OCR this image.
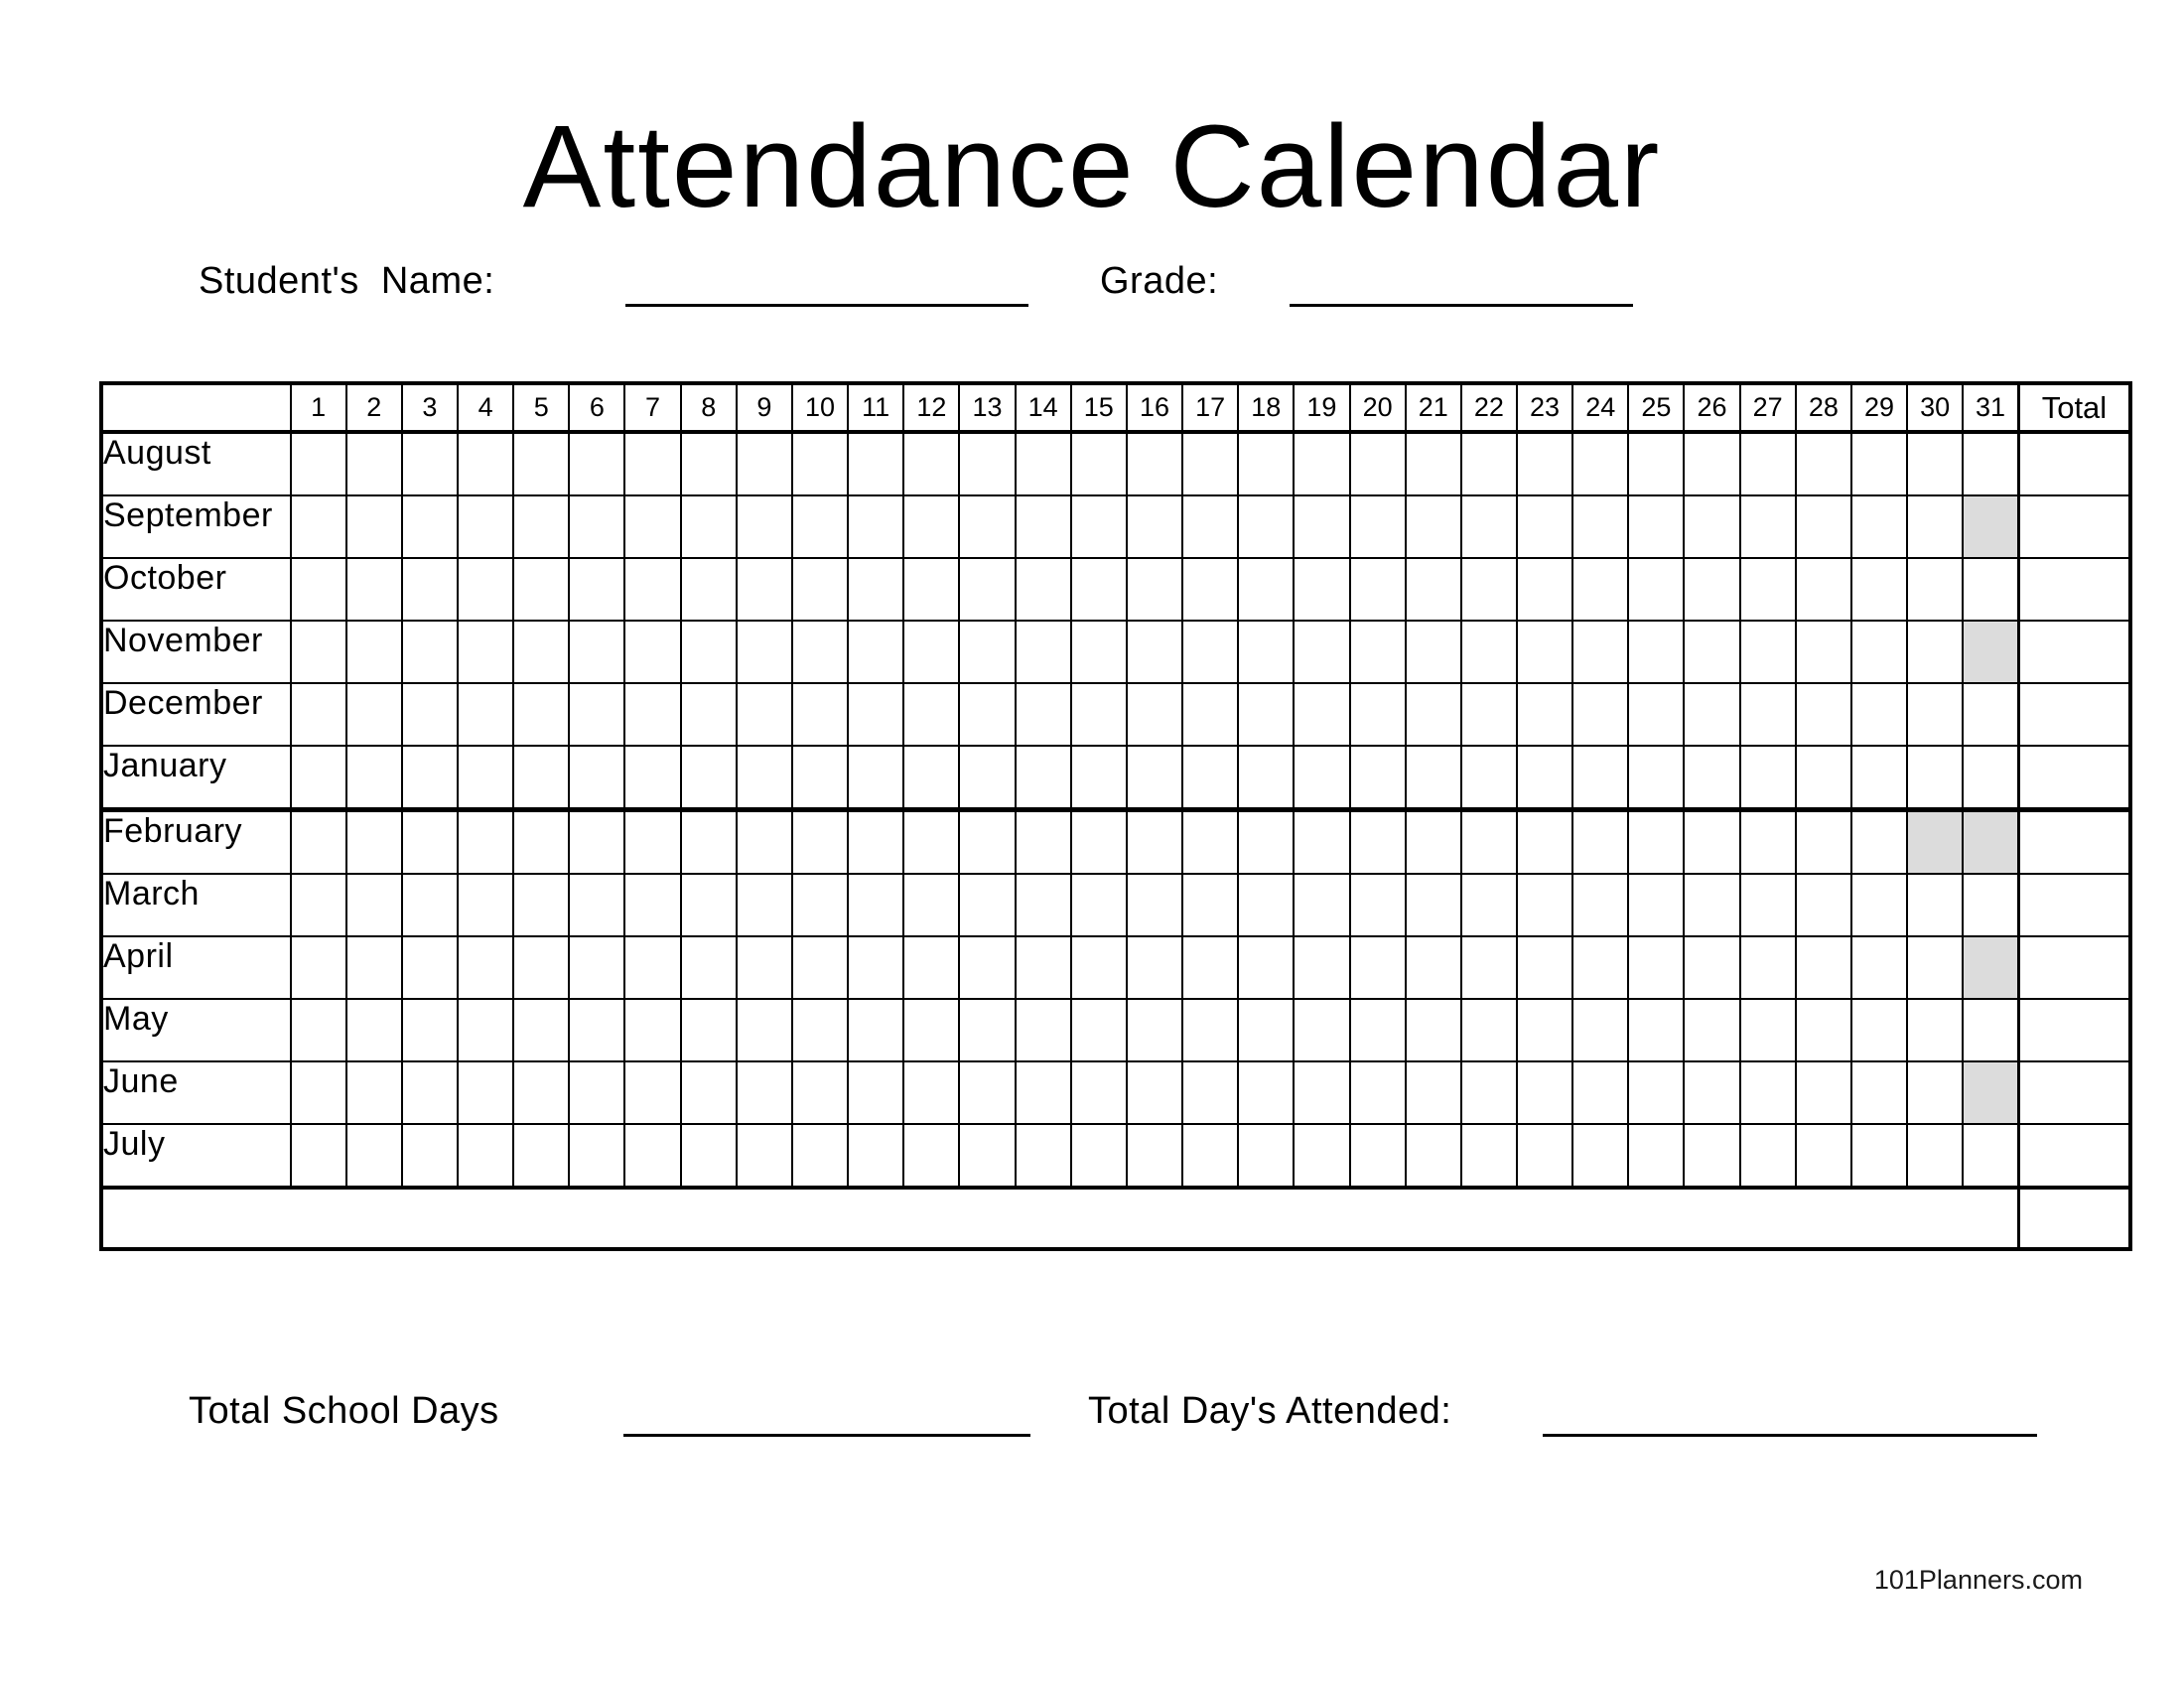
Attendance Calendar
Student's  Name:	Grade:
	1	2	3	4	5	6	7	8	9	10	11	12	13	14	15	16	17	18	19	20	21	22	23	24	25	26	27	28	29	30	31	Total
August																																
September																																
October																																
November																																
December																																
January																																
February																																
March																																
April																																
May																																
June																																
July																																

Total School Days	Total Day's Attended:
101Planners.com
